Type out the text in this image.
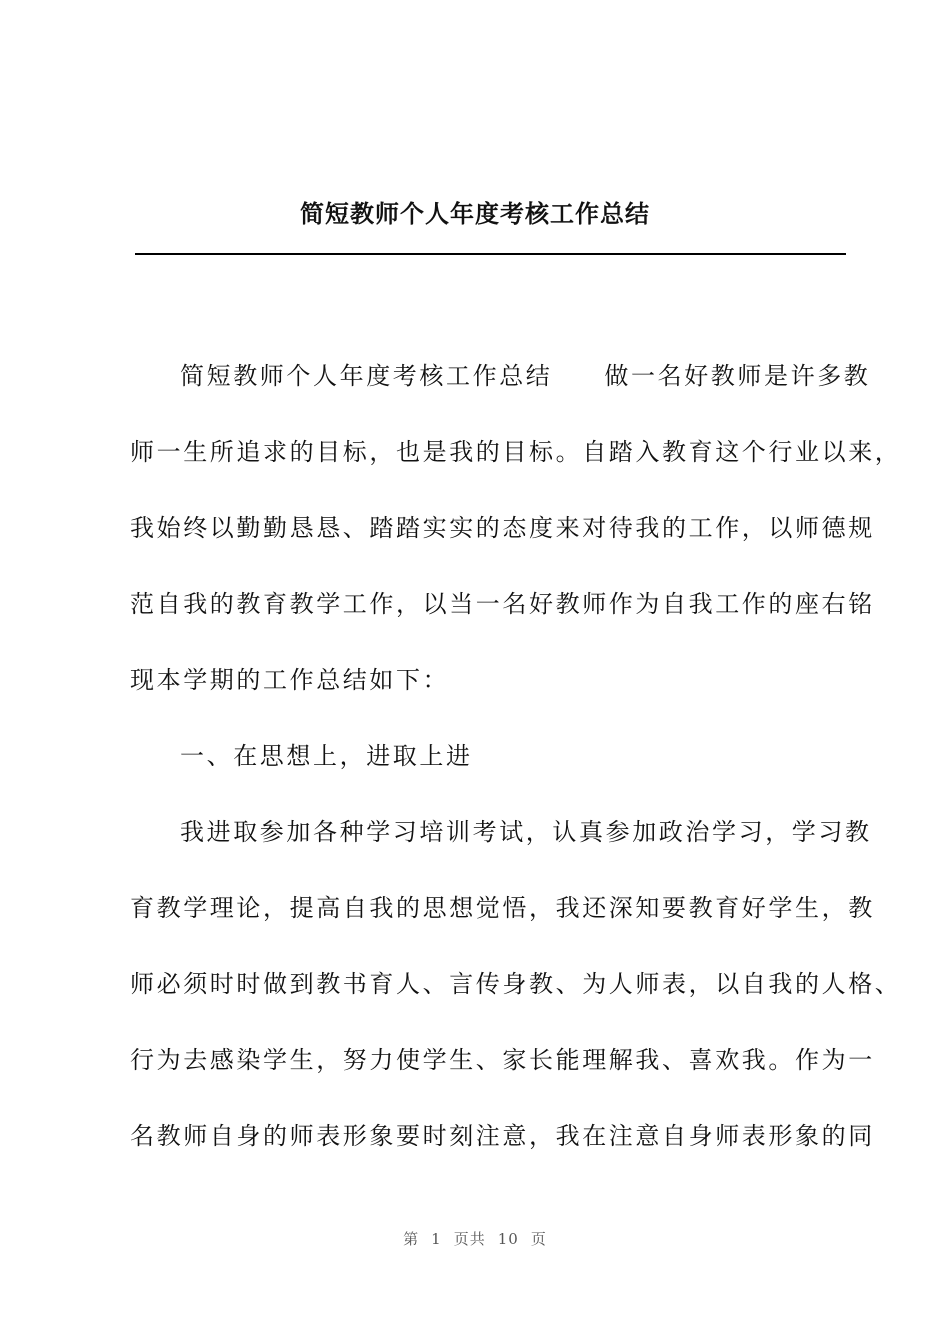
简短教师个人年度考核工作总结
简短教师个人年度考核工作总结 做一名好教师是许多教
师一生所追求的目标，也是我的目标。自踏入教育这个行业以来，
我始终以勤勤恳恳、踏踏实实的态度来对待我的工作，以师德规
范自我的教育教学工作，以当一名好教师作为自我工作的座右铭
现本学期的工作总结如下：
一、在思想上，进取上进
我进取参加各种学习培训考试，认真参加政治学习，学习教
育教学理论，提高自我的思想觉悟，我还深知要教育好学生，教
师必须时时做到教书育人、言传身教、为人师表，以自我的人格、
行为去感染学生，努力使学生、家长能理解我、喜欢我。作为一
名教师自身的师表形象要时刻注意，我在注意自身师表形象的同
第 1 页共 10 页
